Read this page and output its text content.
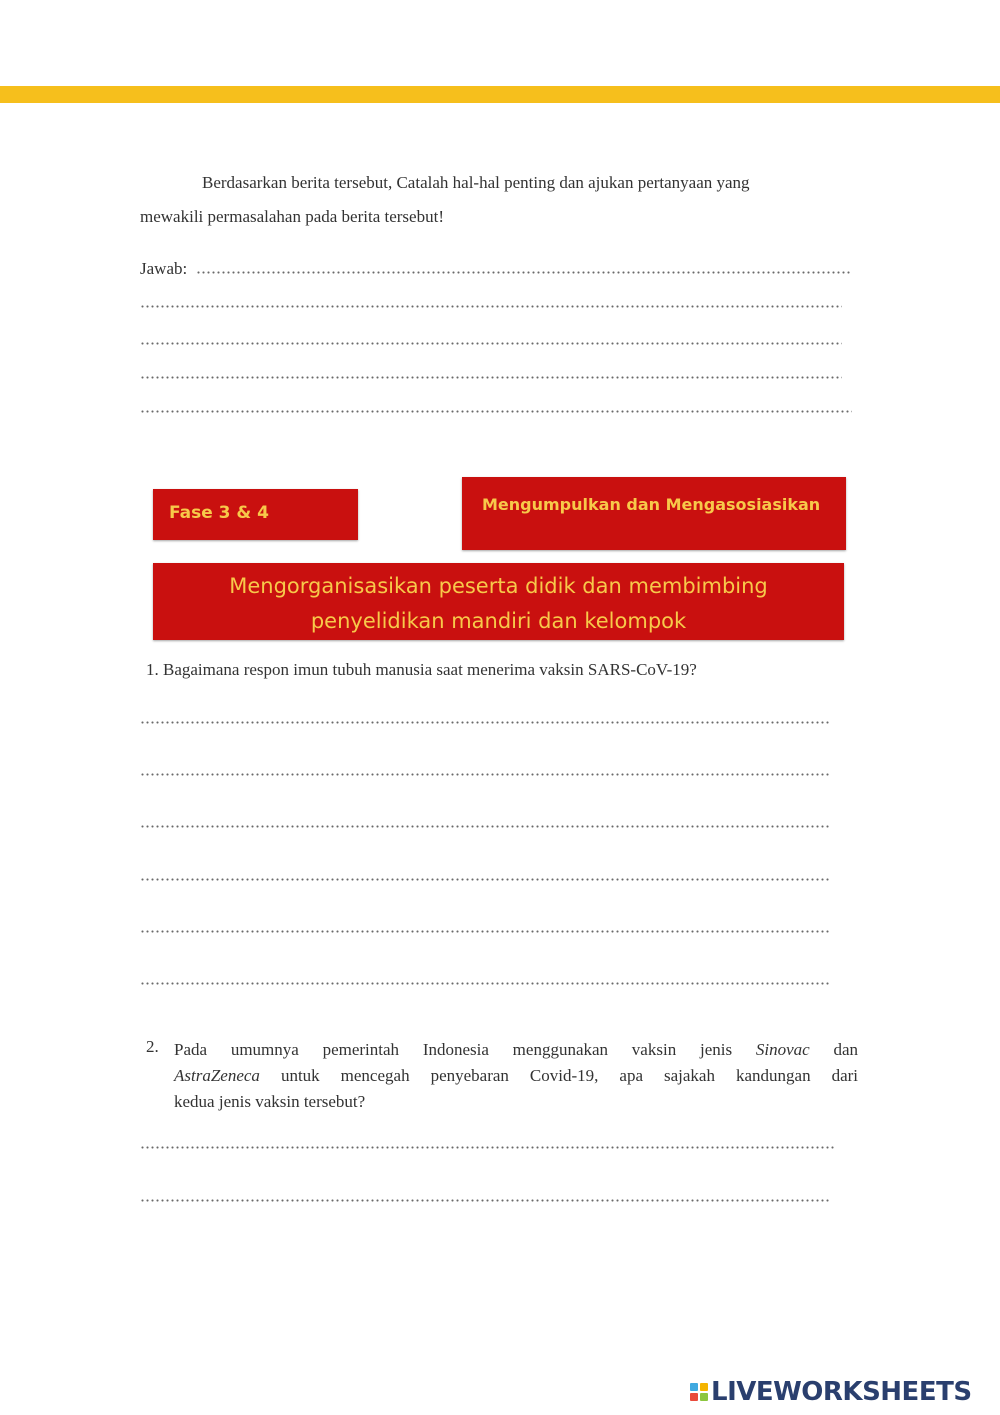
Berdasarkan berita tersebut, Catalah hal-hal penting dan ajukan pertanyaan yang
mewakili permasalahan pada berita tersebut!
Jawab:
Fase 3 & 4	Mengumpulkan dan Mengasosiasikan
Mengorganisasikan peserta didik dan membimbing
penyelidikan mandiri dan kelompok
1. Bagaimana respon imun tubuh manusia saat menerima vaksin SARS-CoV-19?
2. Pada umumnya pemerintah Indonesia menggunakan vaksin jenis Sinovac dan
AstraZeneca untuk mencegah penyebaran Covid-19, apa sajakah kandungan dari
kedua jenis vaksin tersebut?
LIVEWORKSHEETS
